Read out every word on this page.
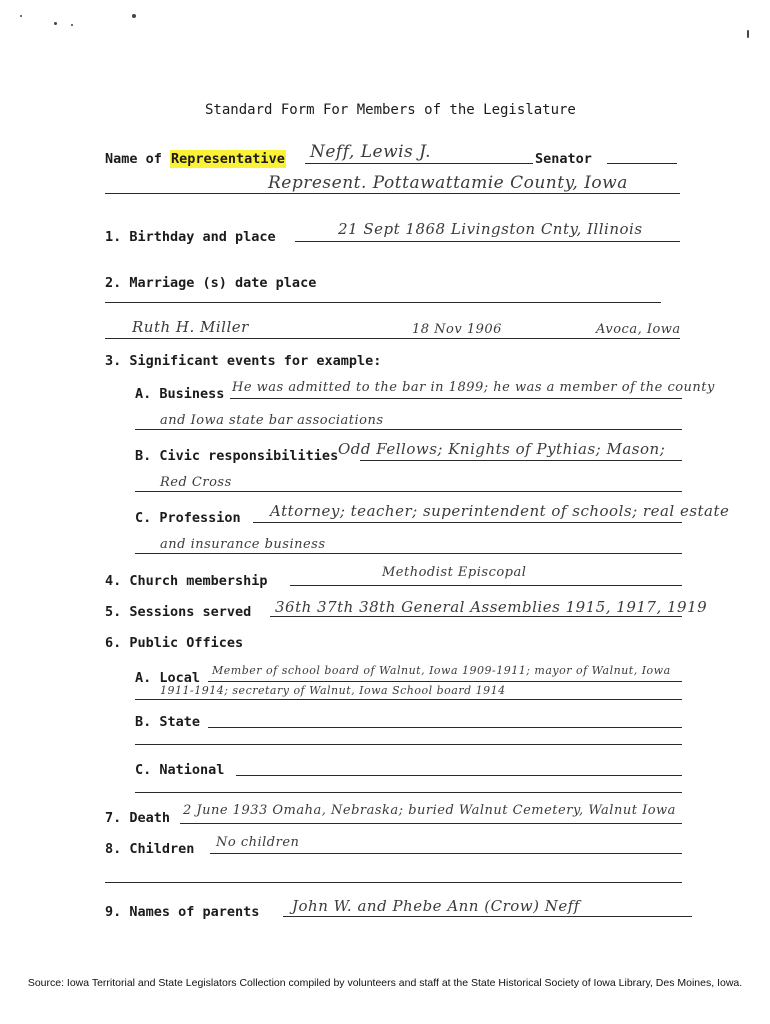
Standard Form For Members of the Legislature
Name of Representative Neff, Lewis J.	Senator
Represent. Pottawattamie County, Iowa
1. Birthday and place	21 Sept 1868 Livingston Cnty, Illinois
2. Marriage (s) date place
Ruth H. Miller	18 Nov 1906	Avoca, Iowa
3. Significant events for example:
A. Business He was admitted to the bar in 1899; he was a member of the county
and Iowa state bar associations
B. Civic responsibilities Odd Fellows; Knights of Pythias; Mason;
Red Cross
C. Profession Attorney; teacher; superintendent of schools; real estate
and insurance business
4. Church membership
Methodist Episcopal
5. Sessions served 36th 37th 38th General Assemblies 1915, 1917, 1919
6. Public Offices
A. Local Member of school board of Walnut, Iowa 1909-1911; mayor of Walnut, Iowa
1911-1914; secretary of Walnut, Iowa School board 1914
B. State
C. National
7. Death 2 June 1933 Omaha, Nebraska; buried Walnut Cemetery, Walnut Iowa
8. Children No children
9. Names of parents John W. and Phebe Ann (Crow) Neff
Source: Iowa Territorial and State Legislators Collection compiled by volunteers and staff at the State Historical Society of Iowa Library, Des Moines, Iowa.
